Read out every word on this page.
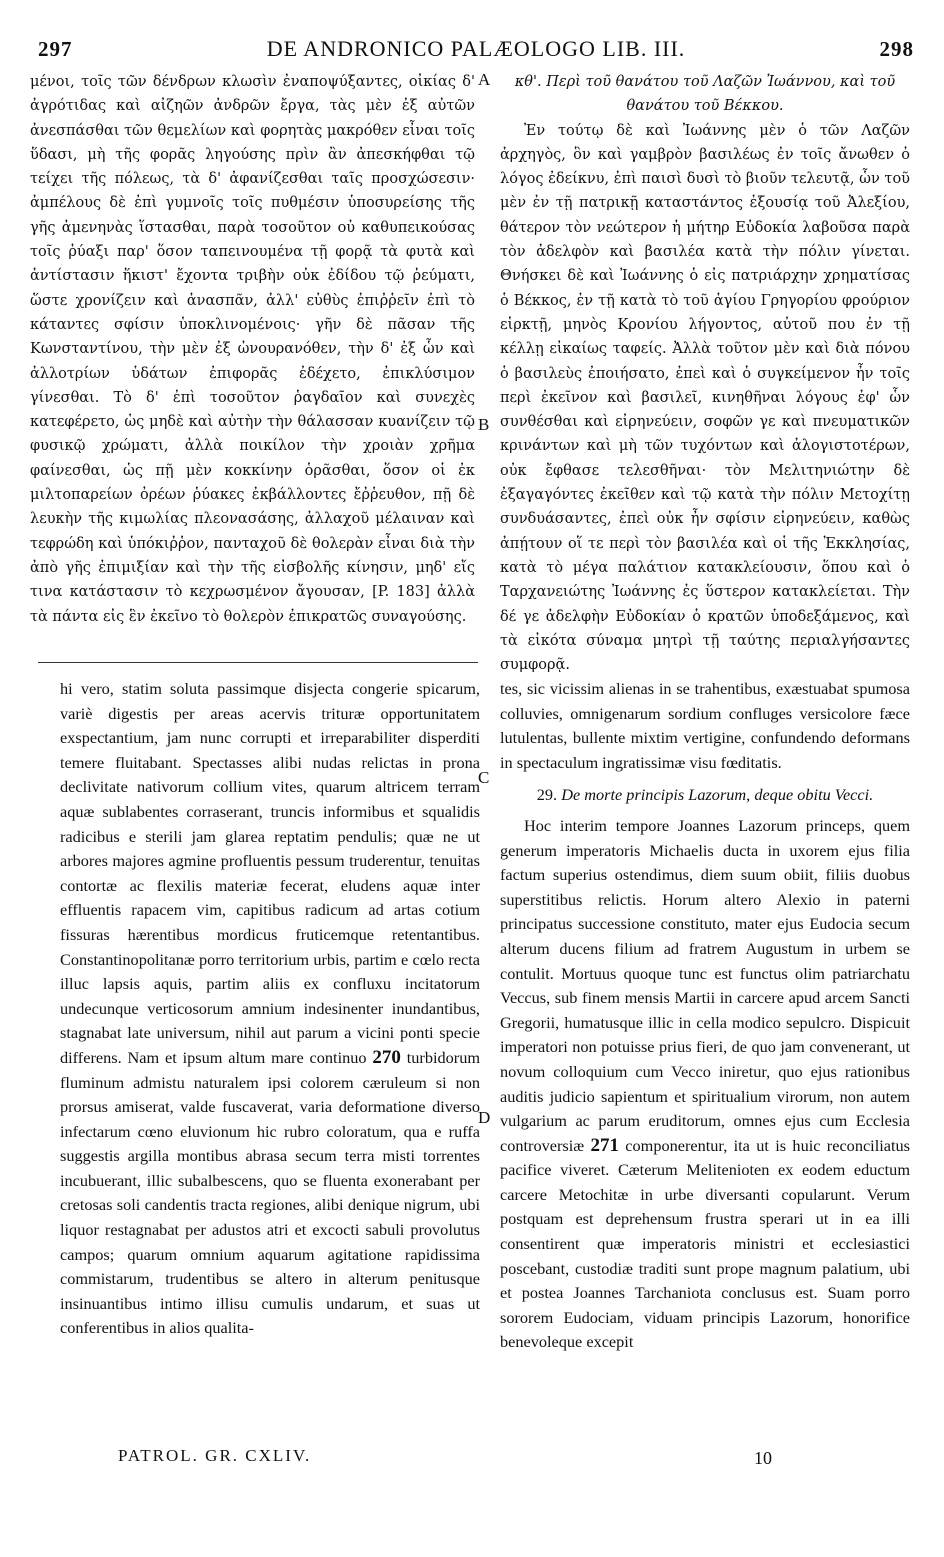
297	DE ANDRONICO PALÆOLOGO LIB. III.	298

μένοι, τοῖς τῶν δένδρων κλωσὶν ἐναποψύξαντες, οἰκίας δ' ἀγρότιδας καὶ αἰζηῶν ἀνδρῶν ἔργα, τὰς μὲν ἐξ αὐτῶν ἀνεσπάσθαι τῶν θεμελίων καὶ φορητὰς μακρόθεν εἶναι τοῖς ὕδασι, μὴ τῆς φορᾶς ληγούσης πρὶν ἂν ἀπεσκήφθαι τῷ τείχει τῆς πόλεως, τὰ δ' ἀφανίζεσθαι ταῖς προσχώσεσιν· ἀμπέλους δὲ ἐπὶ γυμνοῖς τοῖς πυθμέσιν ὑποσυρείσης τῆς γῆς ἀμενηνὰς ἵστασθαι, παρὰ τοσοῦτον οὐ καθυπεικούσας τοῖς ῥύαξι παρ' ὅσον ταπεινουμένα τῇ φορᾷ τὰ φυτὰ καὶ ἀντίστασιν ἥκιστ' ἔχοντα τριβὴν οὐκ ἐδίδου τῷ ῥεύματι, ὥστε χρονίζειν καὶ ἀνασπᾶν, ἀλλ' εὐθὺς ἐπιῤῥεῖν ἐπὶ τὸ κάταντες σφίσιν ὑποκλινομένοις· γῆν δὲ πᾶσαν τῆς Κωνσταντίνου, τὴν μὲν ἐξ ὠνουρανόθεν, τὴν δ' ἐξ ὧν καὶ ἀλλοτρίων ὑδάτων ἐπιφορᾶς ἐδέχετο, ἐπικλύσιμον γίνεσθαι. Τὸ δ' ἐπὶ τοσοῦτον ῥαγδαῖον καὶ συνεχὲς κατεφέρετο, ὡς μηδὲ καὶ αὐτὴν τὴν θάλασσαν κυανίζειν τῷ φυσικῷ χρώματι, ἀλλὰ ποικίλον τὴν χροιὰν χρῆμα φαίνεσθαι, ὡς πῇ μὲν κοκκίνην ὁρᾶσθαι, ὅσον οἱ ἐκ μιλτοπαρείων ὀρέων ῥύακες ἐκβάλλοντες ἔῤῥευθον, πῇ δὲ λευκὴν τῆς κιμωλίας πλεονασάσης, ἀλλαχοῦ μέλαιναν καὶ τεφρώδη καὶ ὑπόκιῤῥον, πανταχοῦ δὲ θολερὰν εἶναι διὰ τὴν ἀπὸ γῆς ἐπιμιξίαν καὶ τὴν τῆς εἰσβολῆς κίνησιν, μηδ' εἴς τινα κατάστασιν τὸ κεχρωσμένον ἄγουσαν, [P. 183] ἀλλὰ τὰ πάντα εἰς ἓν ἐκεῖνο τὸ θολερὸν ἐπικρατῶς συναγούσης.

κθ'. Περὶ τοῦ θανάτου τοῦ Λαζῶν Ἰωάννου, καὶ τοῦ θανάτου τοῦ Βέκκου.

Ἐν τούτῳ δὲ καὶ Ἰωάννης μὲν ὁ τῶν Λαζῶν ἀρχηγὸς, ὃν καὶ γαμβρὸν βασιλέως ἐν τοῖς ἄνωθεν ὁ λόγος ἐδείκνυ, ἐπὶ παισὶ δυσὶ τὸ βιοῦν τελευτᾷ, ὧν τοῦ μὲν ἐν τῇ πατρικῇ καταστάντος ἐξουσίᾳ τοῦ Ἀλεξίου, θάτερον τὸν νεώτερον ἡ μήτηρ Εὐδοκία λαβοῦσα παρὰ τὸν ἀδελφὸν καὶ βασιλέα κατὰ τὴν πόλιν γίνεται. Θνήσκει δὲ καὶ Ἰωάννης ὁ εἰς πατριάρχην χρηματίσας ὁ Βέκκος, ἐν τῇ κατὰ τὸ τοῦ ἁγίου Γρηγορίου φρούριον εἱρκτῇ, μηνὸς Κρονίου λήγοντος, αὐτοῦ που ἐν τῇ κέλλῃ εἰκαίως ταφείς. Ἀλλὰ τοῦτον μὲν καὶ διὰ πόνου ὁ βασιλεὺς ἐποιήσατο, ἐπεὶ καὶ ὁ συγκείμενον ἦν τοῖς περὶ ἐκεῖνον καὶ βασιλεῖ, κινηθῆναι λόγους ἐφ' ὧν συνθέσθαι καὶ εἰρηνεύειν, σοφῶν γε καὶ πνευματικῶν κρινάντων καὶ μὴ τῶν τυχόντων καὶ ἀλογιστοτέρων, οὐκ ἔφθασε τελεσθῆναι· τὸν Μελιτηνιώτην δὲ ἐξαγαγόντες ἐκεῖθεν καὶ τῷ κατὰ τὴν πόλιν Μετοχίτῃ συνδυάσαντες, ἐπεὶ οὐκ ἦν σφίσιν εἰρηνεύειν, καθὼς ἀπῄτουν οἵ τε περὶ τὸν βασιλέα καὶ οἱ τῆς Ἐκκλησίας, κατὰ τὸ μέγα παλάτιον κατακλείουσιν, ὅπου καὶ ὁ Ταρχανειώτης Ἰωάννης ἐς ὕστερον κατακλείεται. Τὴν δέ γε ἀδελφὴν Εὐδοκίαν ὁ κρατῶν ὑποδεξάμενος, καὶ τὰ εἰκότα σύναμα μητρὶ τῇ ταύτης περιαλγήσαντες συμφορᾷ.

A
B
C
D

hi vero, statim soluta passimque disjecta congerie spicarum, variè digestis per areas acervis trituræ opportunitatem exspectantium, jam nunc corrupti et irreparabiliter disperditi temere fluitabant. Spectasses alibi nudas relictas in prona declivitate nativorum collium vites, quarum altricem terram aquæ sublabentes corraserant, truncis informibus et squalidis radicibus e sterili jam glarea reptatim pendulis; quæ ne ut arbores majores agmine profluentis pessum truderentur, tenuitas contortæ ac flexilis materiæ fecerat, eludens aquæ inter effluentis rapacem vim, capitibus radicum ad artas cotium fissuras hærentibus mordicus fruticemque retentantibus. Constantinopolitanæ porro territorium urbis, partim e cœlo recta illuc lapsis aquis, partim aliis ex confluxu incitatorum undecunque verticosorum amnium indesinenter inundantibus, stagnabat late universum, nihil aut parum a vicini ponti specie differens. Nam et ipsum altum mare continuo 270 turbidorum fluminum admistu naturalem ipsi colorem cæruleum si non prorsus amiserat, valde fuscaverat, varia deformatione diverso infectarum cœno eluvionum hic rubro coloratum, qua e ruffa suggestis argilla montibus abrasa secum terra misti torrentes incubuerant, illic subalbescens, quo se fluenta exonerabant per cretosas soli candentis tracta regiones, alibi denique nigrum, ubi liquor restagnabat per adustos atri et excocti sabuli provolutus campos; quarum omnium aquarum agitatione rapidissima commistarum, trudentibus se altero in alterum penitusque insinuantibus intimo illisu cumulis undarum, et suas ut conferentibus in alios qualita-

tes, sic vicissim alienas in se trahentibus, exæstuabat spumosa colluvies, omnigenarum sordium confluges versicolore fæce lutulentas, bullente mixtim vertigine, confundendo deformans in spectaculum ingratissimæ visu fœditatis.

29. De morte principis Lazorum, deque obitu Vecci.

Hoc interim tempore Joannes Lazorum princeps, quem generum imperatoris Michaelis ducta in uxorem ejus filia factum superius ostendimus, diem suum obiit, filiis duobus superstitibus relictis. Horum altero Alexio in paterni principatus successione constituto, mater ejus Eudocia secum alterum ducens filium ad fratrem Augustum in urbem se contulit. Mortuus quoque tunc est functus olim patriarchatu Veccus, sub finem mensis Martii in carcere apud arcem Sancti Gregorii, humatusque illic in cella modico sepulcro. Dispicuit imperatori non potuisse prius fieri, de quo jam convenerant, ut novum colloquium cum Vecco iniretur, quo ejus rationibus auditis judicio sapientum et spiritualium virorum, non autem vulgarium ac parum eruditorum, omnes ejus cum Ecclesia controversiæ 271 componerentur, ita ut is huic reconciliatus pacifice viveret. Cæterum Melitenioten ex eodem eductum carcere Metochitæ in urbe diversanti copularunt. Verum postquam est deprehensum frustra sperari ut in ea illi consentirent quæ imperatoris ministri et ecclesiastici poscebant, custodiæ traditi sunt prope magnum palatium, ubi et postea Joannes Tarchaniota conclusus est. Suam porro sororem Eudociam, viduam principis Lazorum, honorifice benevoleque excepit

PATROL. GR. CXLIV.	10
